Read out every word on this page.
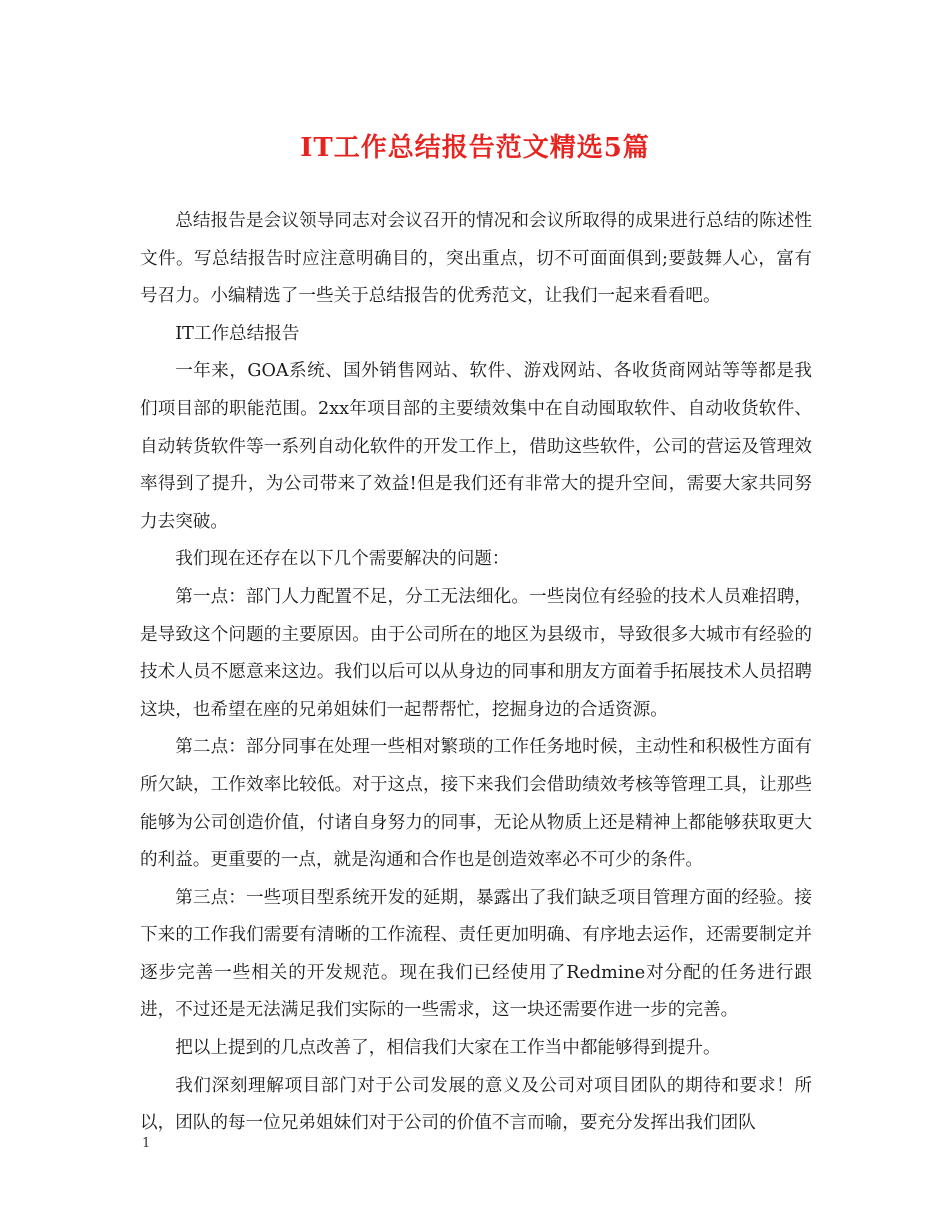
IT工作总结报告范文精选5篇

总结报告是会议领导同志对会议召开的情况和会议所取得的成果进行总结的陈述性文件。写总结报告时应注意明确目的，突出重点，切不可面面俱到;要鼓舞人心，富有号召力。小编精选了一些关于总结报告的优秀范文，让我们一起来看看吧。

IT工作总结报告

一年来，GOA系统、国外销售网站、软件、游戏网站、各收货商网站等等都是我们项目部的职能范围。2xx年项目部的主要绩效集中在自动囤取软件、自动收货软件、自动转货软件等一系列自动化软件的开发工作上，借助这些软件，公司的营运及管理效率得到了提升，为公司带来了效益!但是我们还有非常大的提升空间，需要大家共同努力去突破。

我们现在还存在以下几个需要解决的问题：

第一点：部门人力配置不足，分工无法细化。一些岗位有经验的技术人员难招聘，是导致这个问题的主要原因。由于公司所在的地区为县级市，导致很多大城市有经验的技术人员不愿意来这边。我们以后可以从身边的同事和朋友方面着手拓展技术人员招聘这块，也希望在座的兄弟姐妹们一起帮帮忙，挖掘身边的合适资源。

第二点：部分同事在处理一些相对繁琐的工作任务地时候，主动性和积极性方面有所欠缺，工作效率比较低。对于这点，接下来我们会借助绩效考核等管理工具，让那些能够为公司创造价值，付诸自身努力的同事，无论从物质上还是精神上都能够获取更大的利益。更重要的一点，就是沟通和合作也是创造效率必不可少的条件。

第三点：一些项目型系统开发的延期，暴露出了我们缺乏项目管理方面的经验。接下来的工作我们需要有清晰的工作流程、责任更加明确、有序地去运作，还需要制定并逐步完善一些相关的开发规范。现在我们已经使用了Redmine对分配的任务进行跟进，不过还是无法满足我们实际的一些需求，这一块还需要作进一步的完善。

把以上提到的几点改善了，相信我们大家在工作当中都能够得到提升。

我们深刻理解项目部门对于公司发展的意义及公司对项目团队的期待和要求！所以，团队的每一位兄弟姐妹们对于公司的价值不言而喻，要充分发挥出我们团队

1
